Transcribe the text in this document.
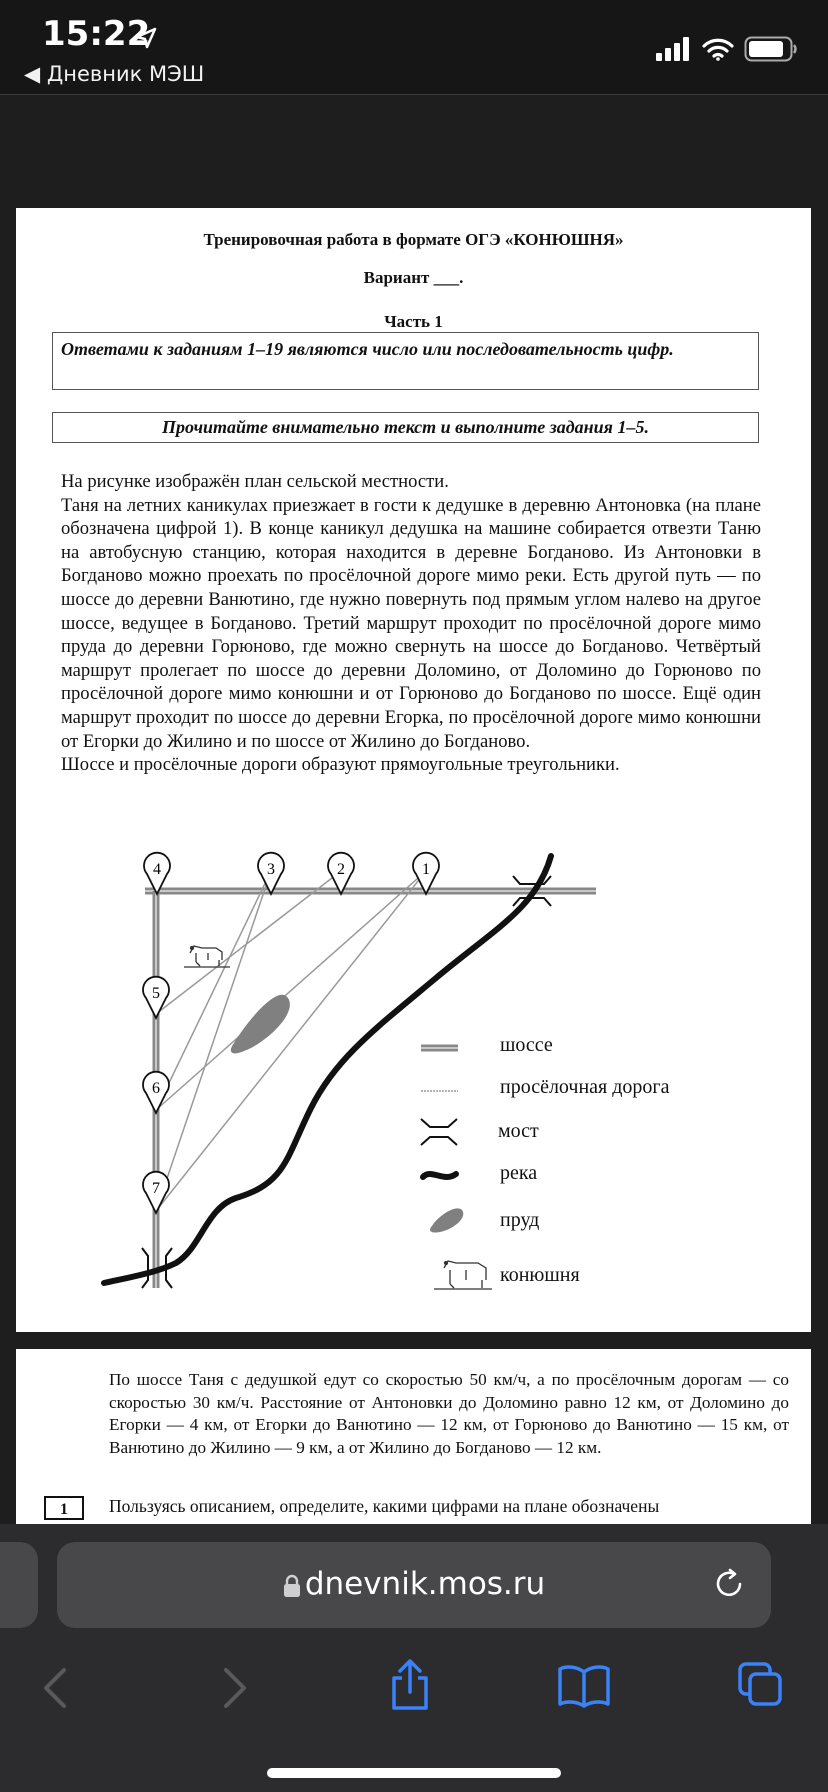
15:22
◀ Дневник МЭШ
Тренировочная работа в формате ОГЭ «КОНЮШНЯ»
Вариант ___.
Часть 1
Ответами к заданиям 1–19 являются число или последовательность цифр.
Прочитайте внимательно текст и выполните задания 1–5.

На рисунке изображён план сельской местности.

Таня на летних каникулах приезжает в гости к дедушке в деревню Антоновка (на плане обозначена цифрой 1). В конце каникул дедушка на машине собирается отвезти Таню на автобусную станцию, которая находится в деревне Богданово. Из Антоновки в Богданово можно проехать по просёлочной дороге мимо реки. Есть другой путь — по шоссе до деревни Ванютино, где нужно повернуть под прямым углом налево на другое шоссе, ведущее в Богданово. Третий маршрут проходит по просёлочной дороге мимо пруда до деревни Горюново, где можно свернуть на шоссе до Богданово. Четвёртый маршрут пролегает по шоссе до деревни Доломино, от Доломино до Горюново по просёлочной дороге мимо конюшни и от Горюново до Богданово по шоссе. Ещё один маршрут проходит по шоссе до деревни Егорка, по просёлочной дороге мимо конюшни от Егорки до Жилино и по шоссе от Жилино до Богданово.

Шоссе и просёлочные дороги образуют прямоугольные треугольники.

4	3	2	1
5
6
7
шоссе
просёлочная дорога
мост
река
пруд
конюшня
По шоссе Таня с дедушкой едут со скоростью 50 км/ч, а по просёлочным дорогам — со скоростью 30 км/ч. Расстояние от Антоновки до Доломино равно 12 км, от Доломино до Егорки — 4 км, от Егорки до Ванютино — 12 км, от Горюново до Ванютино — 15 км, от Ванютино до Жилино — 9 км, а от Жилино до Богданово — 12 км.
1	Пользуясь описанием, определите, какими цифрами на плане обозначены
dnevnik.mos.ru
